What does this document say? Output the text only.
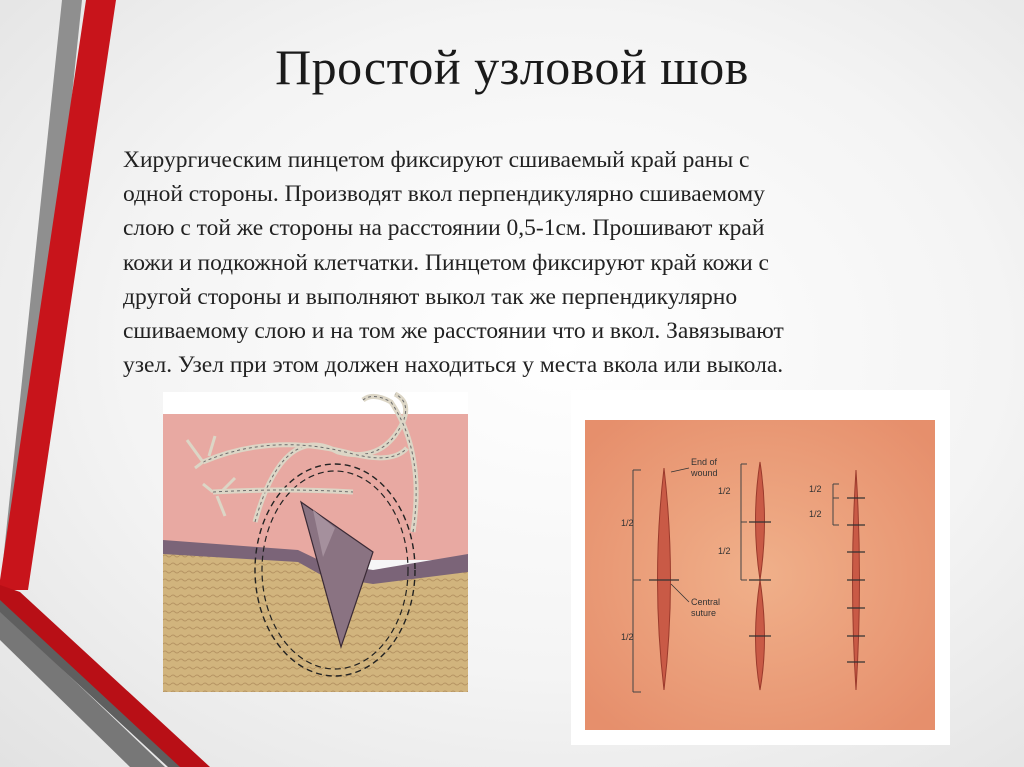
Простой узловой шов
Хирургическим пинцетом фиксируют сшиваемый край раны с
одной стороны. Производят вкол перпендикулярно сшиваемому
слою с той же стороны на расстоянии 0,5-1см. Прошивают край
кожи и подкожной клетчатки. Пинцетом фиксируют край кожи с
другой стороны и выполняют выкол так же перпендикулярно
сшиваемому слою и на том же расстоянии что и вкол. Завязывают
узел. Узел при этом должен находиться у места вкола или выкола.
1/2
1/2
End of
wound
Central
suture
1/2
1/2
1/2
1/2
